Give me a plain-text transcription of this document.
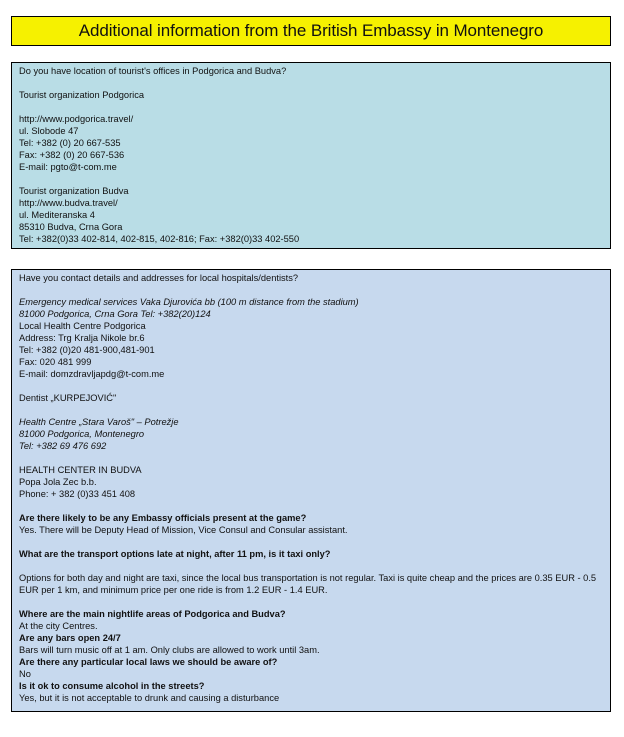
Additional information from the British Embassy in Montenegro
Do you have location of tourist's offices in Podgorica and Budva?
Tourist organization Podgorica
http://www.podgorica.travel/
ul. Slobode 47
Tel: +382 (0) 20 667-535
Fax: +382 (0) 20 667-536
E-mail: pgto@t-com.me
Tourist organization Budva
http://www.budva.travel/
ul. Mediteranska 4
85310 Budva, Crna Gora
Tel: +382(0)33 402-814, 402-815, 402-816; Fax: +382(0)33 402-550
Have you contact details and addresses for local hospitals/dentists?
Emergency medical services Vaka Djurovića bb (100 m distance from the stadium)
81000 Podgorica, Crna Gora Tel: +382(20)124
Local Health Centre Podgorica
Address: Trg Kralja Nikole br.6
Tel: +382 (0)20 481-900,481-901
Fax: 020 481 999
E-mail: domzdravljapdg@t-com.me
Dentist „KURPEJOVIĆ"
Health Centre „Stara Varoš" – Potrežje
81000 Podgorica, Montenegro
Tel: +382 69 476 692
HEALTH CENTER IN BUDVA
Popa Jola Zec b.b.
Phone: + 382 (0)33 451 408
Are there likely to be any Embassy officials present at the game?
Yes. There will be Deputy Head of Mission, Vice Consul and Consular assistant.
What are the transport options late at night, after 11 pm, is it taxi only?
Options for both day and night are taxi, since the local bus transportation is not regular. Taxi is quite cheap and the prices are 0.35 EUR - 0.5 EUR per 1 km, and minimum price per one ride is from 1.2 EUR - 1.4 EUR.
Where are the main nightlife areas of Podgorica and Budva?
At the city Centres.
Are any bars open 24/7
Bars will turn music off at 1 am. Only clubs are allowed to work until 3am.
Are there any particular local laws we should be aware of?
No
Is it ok to consume alcohol in the streets?
Yes, but it is not acceptable to drunk and causing a disturbance
